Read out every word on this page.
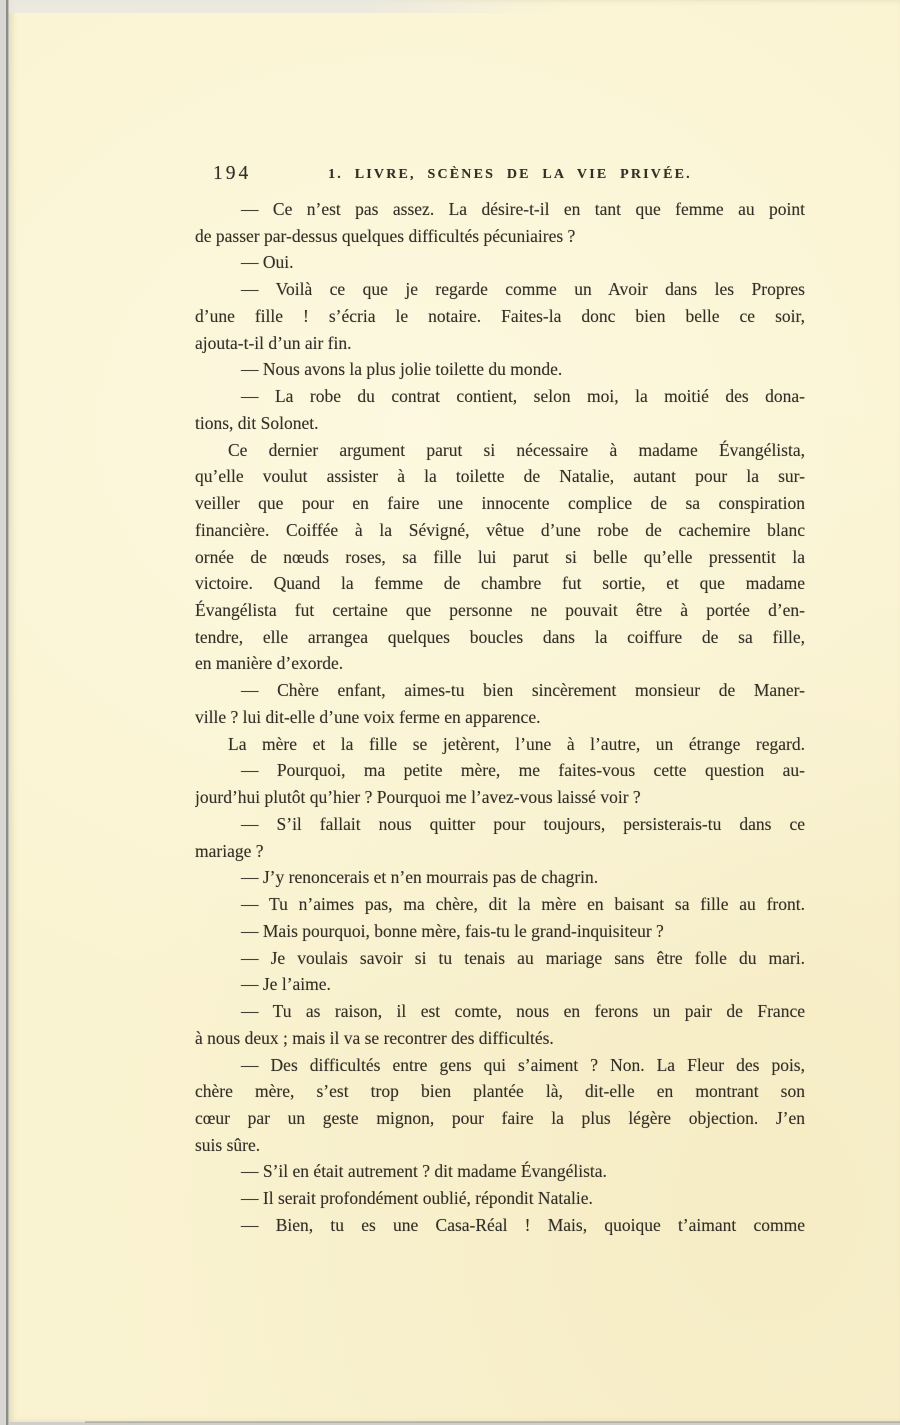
194	1. LIVRE, SCÈNES DE LA VIE PRIVÉE.
— Ce n’est pas assez. La désire-t-il en tant que femme au point
de passer par-dessus quelques difficultés pécuniaires ?
— Oui.
— Voilà ce que je regarde comme un Avoir dans les Propres
d’une fille ! s’écria le notaire. Faites-la donc bien belle ce soir,
ajouta-t-il d’un air fin.
— Nous avons la plus jolie toilette du monde.
— La robe du contrat contient, selon moi, la moitié des dona-
tions, dit Solonet.
Ce dernier argument parut si nécessaire à madame Évangélista,
qu’elle voulut assister à la toilette de Natalie, autant pour la sur-
veiller que pour en faire une innocente complice de sa conspiration
financière. Coiffée à la Sévigné, vêtue d’une robe de cachemire blanc
ornée de nœuds roses, sa fille lui parut si belle qu’elle pressentit la
victoire. Quand la femme de chambre fut sortie, et que madame
Évangélista fut certaine que personne ne pouvait être à portée d’en-
tendre, elle arrangea quelques boucles dans la coiffure de sa fille,
en manière d’exorde.
— Chère enfant, aimes-tu bien sincèrement monsieur de Maner-
ville ? lui dit-elle d’une voix ferme en apparence.
La mère et la fille se jetèrent, l’une à l’autre, un étrange regard.
— Pourquoi, ma petite mère, me faites-vous cette question au-
jourd’hui plutôt qu’hier ? Pourquoi me l’avez-vous laissé voir ?
— S’il fallait nous quitter pour toujours, persisterais-tu dans ce
mariage ?
— J’y renoncerais et n’en mourrais pas de chagrin.
— Tu n’aimes pas, ma chère, dit la mère en baisant sa fille au front.
— Mais pourquoi, bonne mère, fais-tu le grand-inquisiteur ?
— Je voulais savoir si tu tenais au mariage sans être folle du mari.
— Je l’aime.
— Tu as raison, il est comte, nous en ferons un pair de France
à nous deux ; mais il va se recontrer des difficultés.
— Des difficultés entre gens qui s’aiment ? Non. La Fleur des pois,
chère mère, s’est trop bien plantée là, dit-elle en montrant son
cœur par un geste mignon, pour faire la plus légère objection. J’en
suis sûre.
— S’il en était autrement ? dit madame Évangélista.
— Il serait profondément oublié, répondit Natalie.
— Bien, tu es une Casa-Réal ! Mais, quoique t’aimant comme
